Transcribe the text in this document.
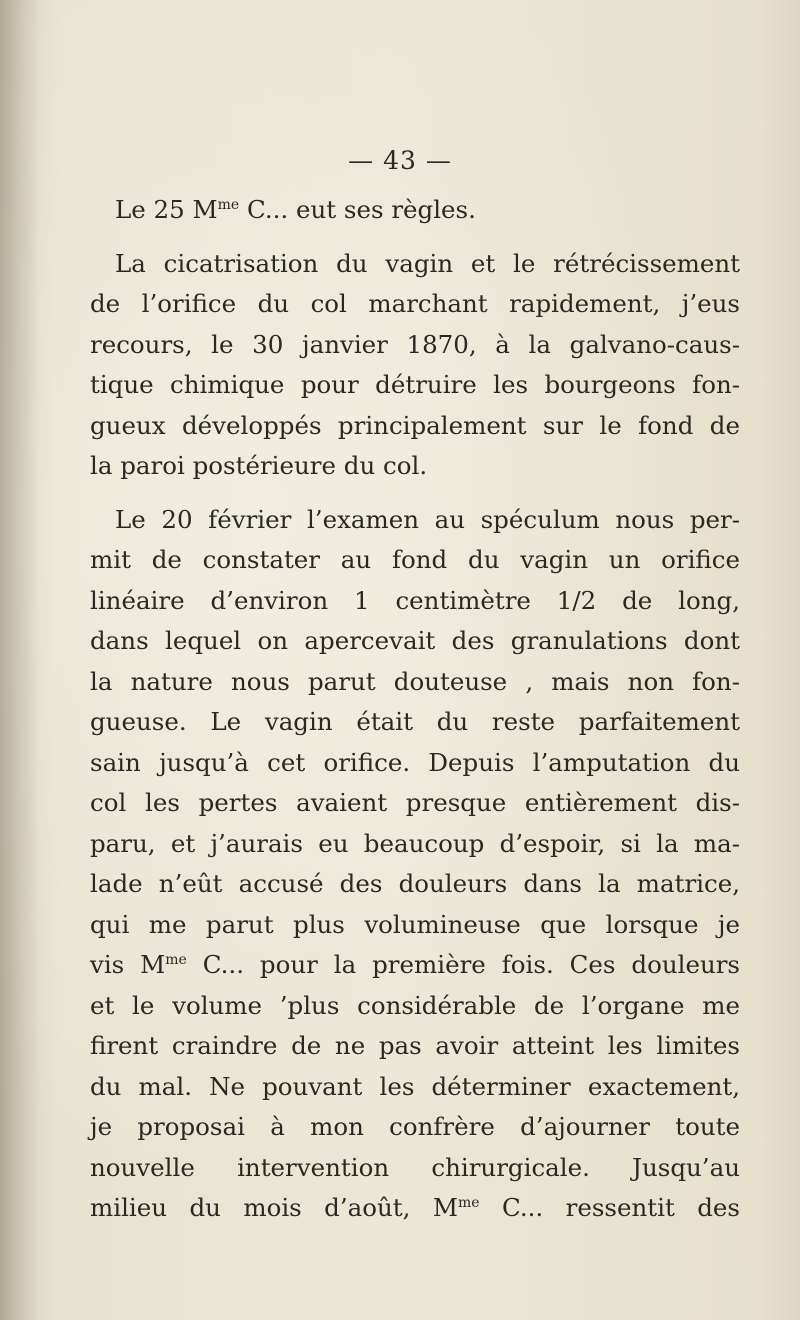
— 43 —
Le 25 $M^{me}$ C... eut ses règles.
La cicatrisation du vagin et le rétrécissement
de l’orifice du col marchant rapidement, j’eus
recours, le 30 janvier 1870, à la galvano-caus-
tique chimique pour détruire les bourgeons fon-
gueux développés principalement sur le fond de
la paroi postérieure du col.
Le 20 février l’examen au spéculum nous per-
mit de constater au fond du vagin un orifice
linéaire d’environ 1 centimètre 1/2 de long,
dans lequel on apercevait des granulations dont
la nature nous parut douteuse , mais non fon-
gueuse. Le vagin était du reste parfaitement
sain jusqu’à cet orifice. Depuis l’amputation du
col les pertes avaient presque entièrement dis-
paru, et j’aurais eu beaucoup d’espoir, si la ma-
lade n’eût accusé des douleurs dans la matrice,
qui me parut plus volumineuse que lorsque je
vis $M^{me}$ C... pour la première fois. Ces douleurs
et le volume ’plus considérable de l’organe me
firent craindre de ne pas avoir atteint les limites
du mal. Ne pouvant les déterminer exactement,
je proposai à mon confrère d’ajourner toute
nouvelle intervention chirurgicale. Jusqu’au
milieu du mois d’août, $M^{me}$ C... ressentit des
